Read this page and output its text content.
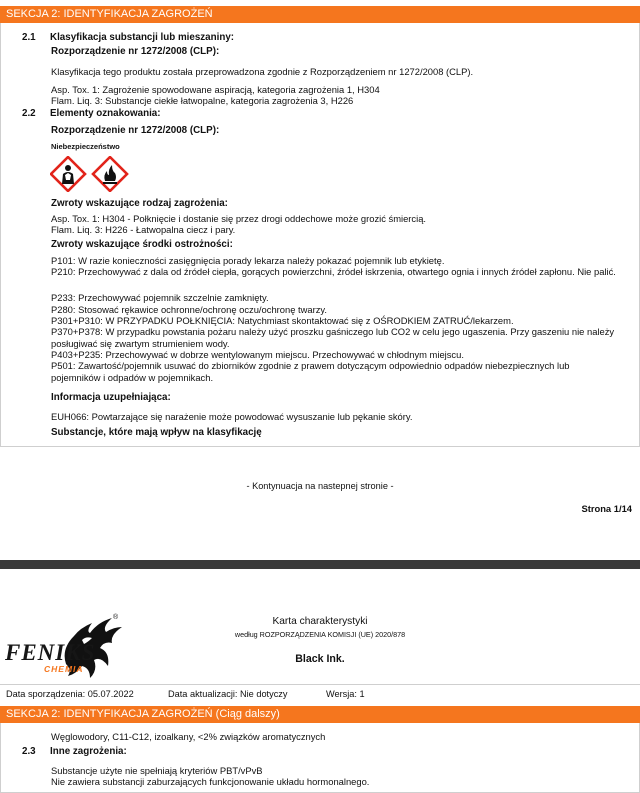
SEKCJA 2: IDENTYFIKACJA ZAGROŻEŃ
2.1 Klasyfikacja substancji lub mieszaniny:
Rozporządzenie nr 1272/2008 (CLP):
Klasyfikacja tego produktu została przeprowadzona zgodnie z Rozporządzeniem nr 1272/2008 (CLP).
Asp. Tox. 1: Zagrożenie spowodowane aspiracją, kategoria zagrożenia 1, H304
Flam. Liq. 3: Substancje ciekłe łatwopalne, kategoria zagrożenia 3, H226
2.2 Elementy oznakowania:
Rozporządzenie nr 1272/2008 (CLP):
Niebezpieczeństwo
Zwroty wskazujące rodzaj zagrożenia:
Asp. Tox. 1: H304 - Połknięcie i dostanie się przez drogi oddechowe może grozić śmiercią.
Flam. Liq. 3: H226 - Łatwopalna ciecz i pary.
Zwroty wskazujące środki ostrożności:
P101: W razie konieczności zasięgnięcia porady lekarza należy pokazać pojemnik lub etykietę.
P210: Przechowywać z dala od źródeł ciepła, gorących powierzchni, źródeł iskrzenia, otwartego ognia i innych źródeł zapłonu. Nie palić.
P233: Przechowywać pojemnik szczelnie zamknięty.
P280: Stosować rękawice ochronne/ochronę oczu/ochronę twarzy.
P301+P310: W PRZYPADKU POŁKNIĘCIA: Natychmiast skontaktować się z OŚRODKIEM ZATRUĆ/lekarzem.
P370+P378: W przypadku powstania pożaru należy użyć proszku gaśniczego lub CO2 w celu jego ugaszenia. Przy gaszeniu nie należy posługiwać się zwartym strumieniem wody.
P403+P235: Przechowywać w dobrze wentylowanym miejscu. Przechowywać w chłodnym miejscu.
P501: Zawartość/pojemnik usuwać do zbiorników zgodnie z prawem dotyczącym odpowiednio odpadów niebezpiecznych lub pojemników i odpadów w pojemnikach.
Informacja uzupełniająca:
EUH066: Powtarzające się narażenie może powodować wysuszanie lub pękanie skóry.
Substancje, które mają wpływ na klasyfikację
- Kontynuacja na nastepnej stronie -
Strona 1/14
FENIKS
CHEMIA
®	Karta charakterystyki
według ROZPORZĄDZENIA KOMISJI (UE) 2020/878
Black Ink.
Data sporządzenia: 05.07.2022	Data aktualizacji: Nie dotyczy	Wersja: 1
SEKCJA 2: IDENTYFIKACJA ZAGROŻEŃ (Ciąg dalszy)
Węglowodory, C11-C12, izoalkany, <2% związków aromatycznych
2.3 Inne zagrożenia:
Substancje użyte nie spełniają kryteriów PBT/vPvB
Nie zawiera substancji zaburzających funkcjonowanie układu hormonalnego.
